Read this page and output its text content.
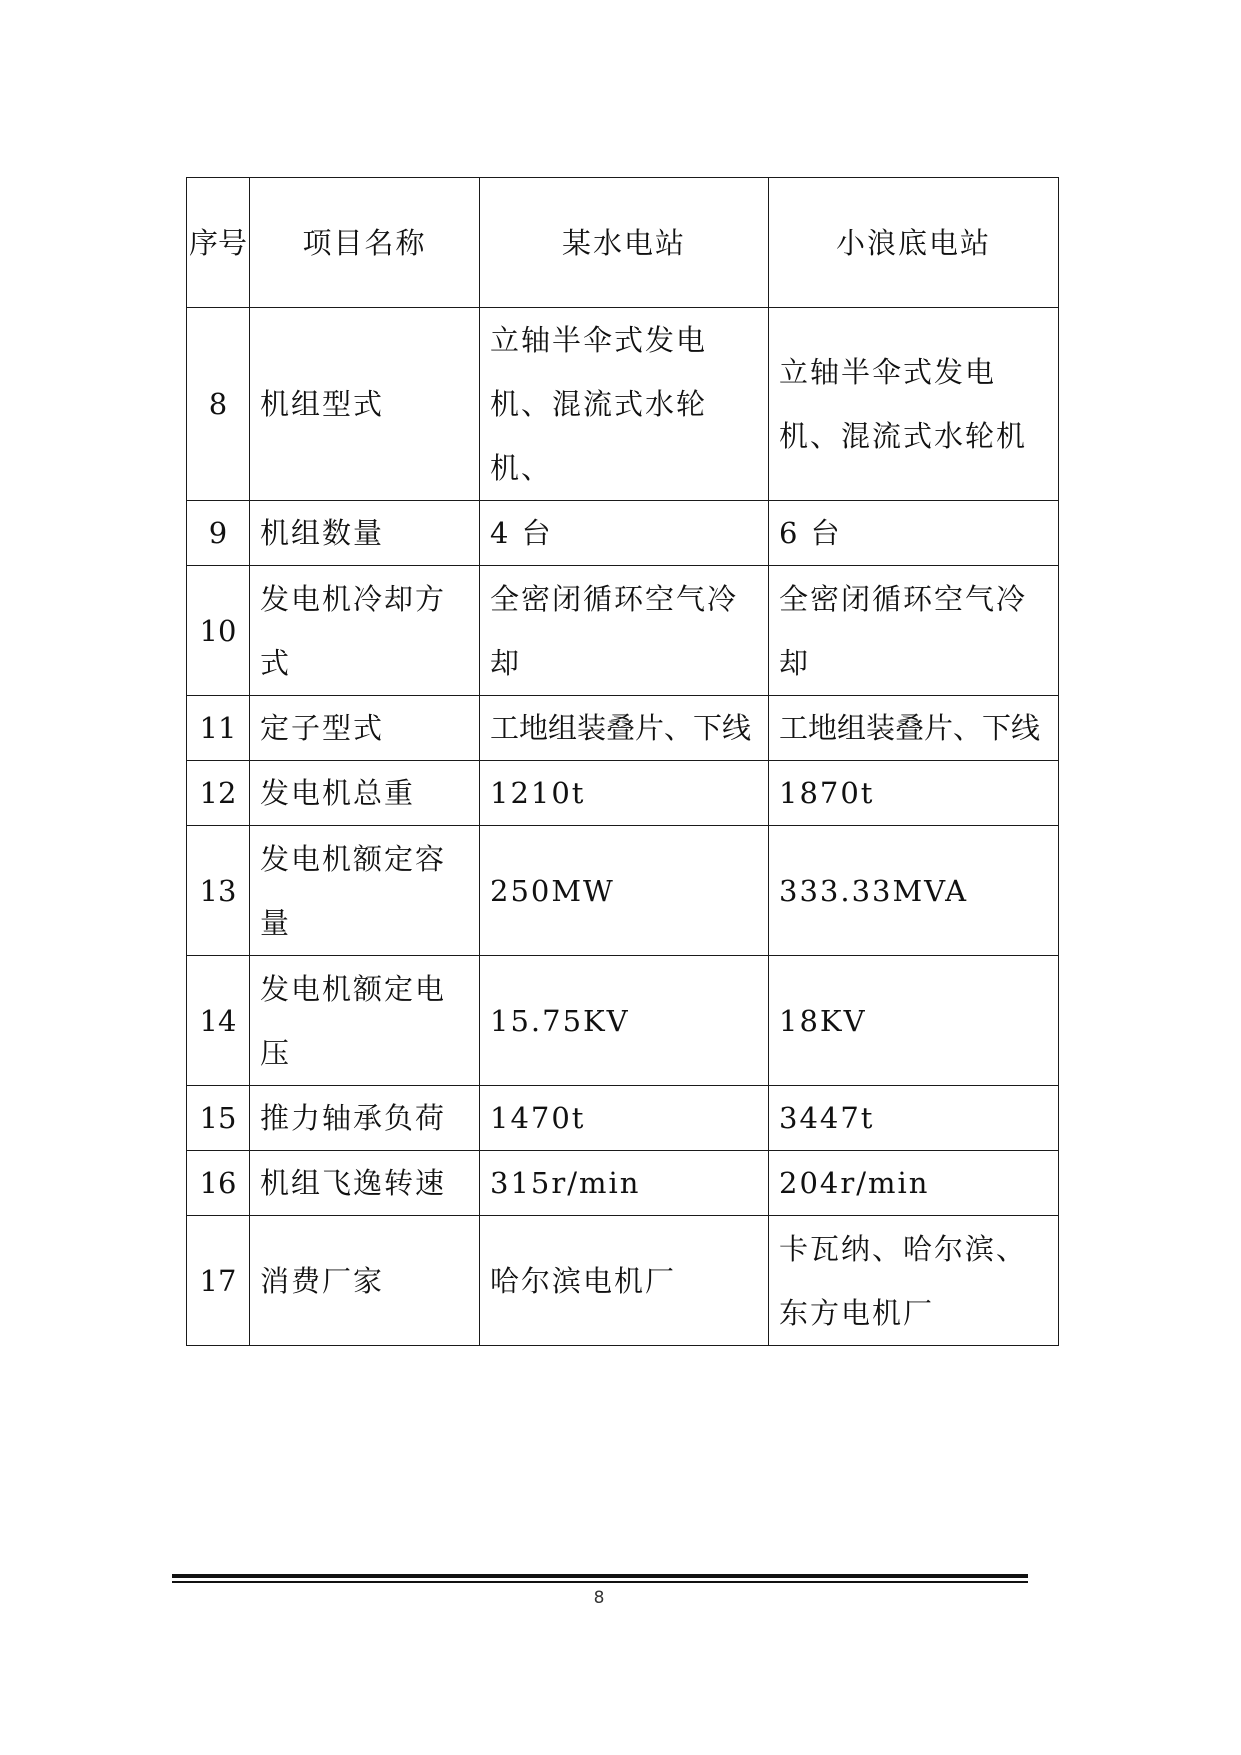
序号	项目名称	某水电站	小浪底电站
8	机组型式	立轴半伞式发电机、混流式水轮机、	立轴半伞式发电机、混流式水轮机
9	机组数量	4 台	6 台
10	发电机冷却方式	全密闭循环空气冷却	全密闭循环空气冷却
11	定子型式	工地组装叠片、下线	工地组装叠片、下线
12	发电机总重	1210t	1870t
13	发电机额定容量	250MW	333.33MVA
14	发电机额定电压	15.75KV	18KV
15	推力轴承负荷	1470t	3447t
16	机组飞逸转速	315r/min	204r/min
17	消费厂家	哈尔滨电机厂	卡瓦纳、哈尔滨、东方电机厂
8
